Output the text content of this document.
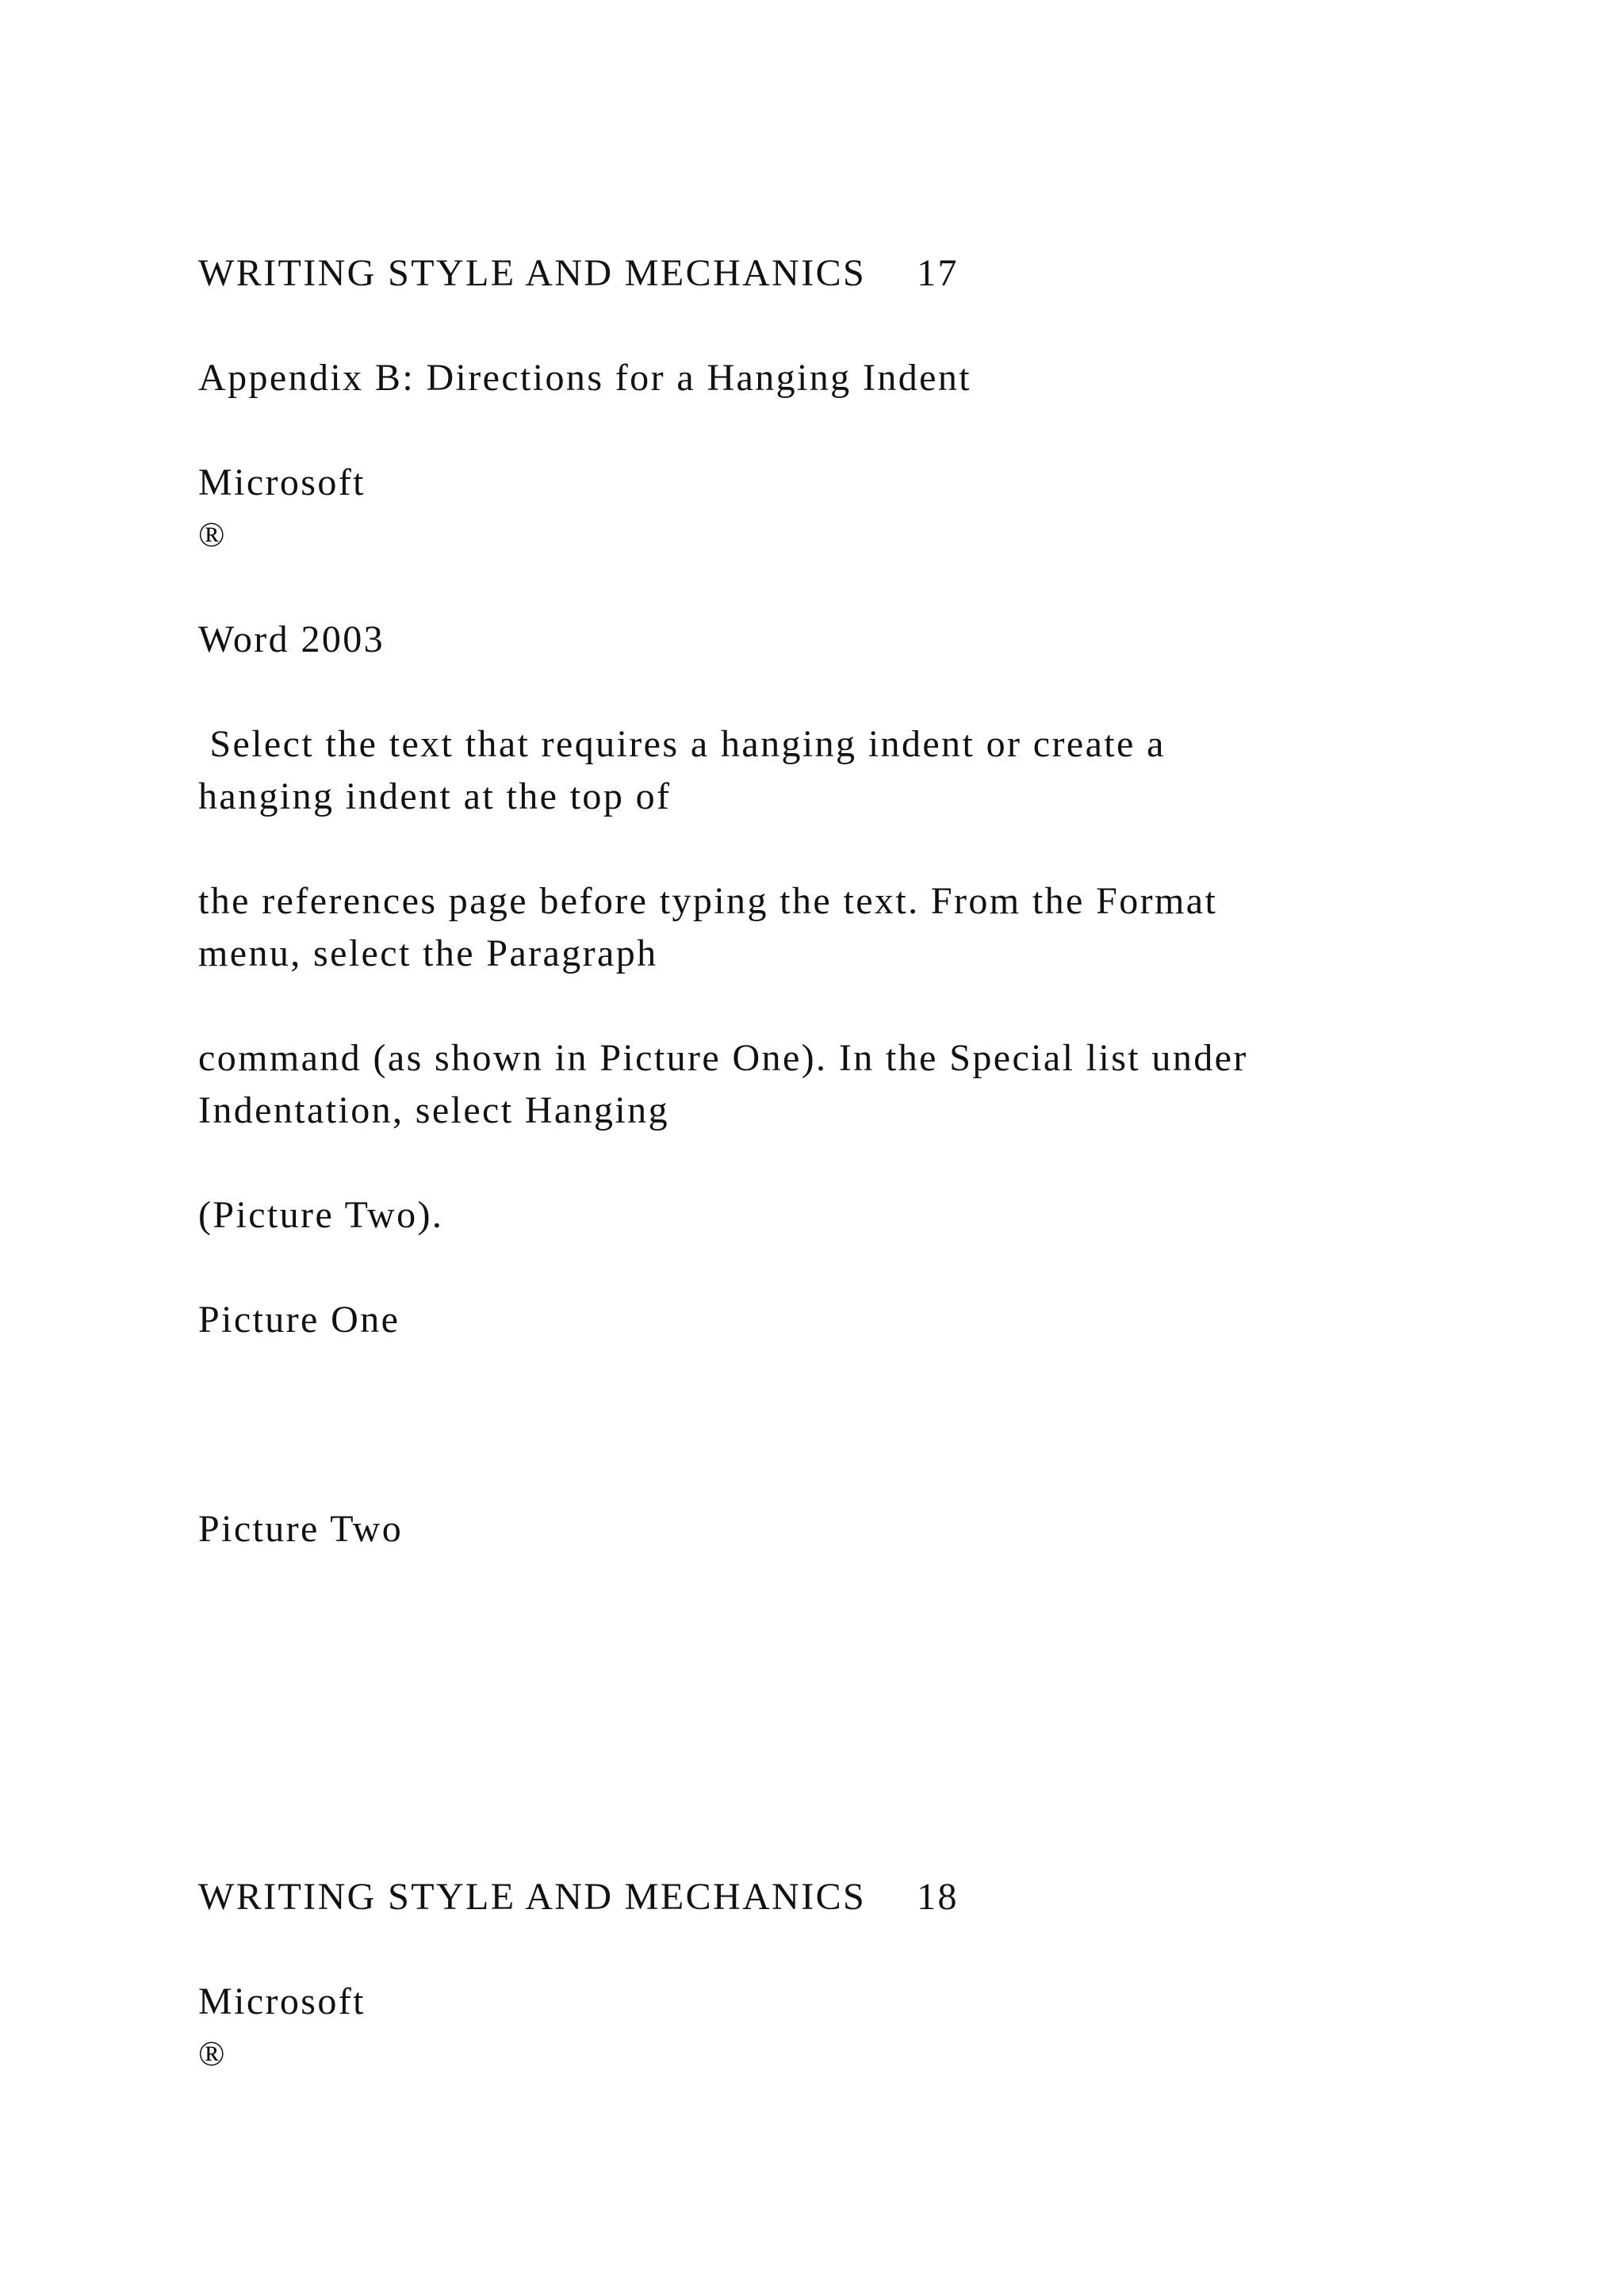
WRITING STYLE AND MECHANICS 17
Appendix B: Directions for a Hanging Indent
Microsoft
®
Word 2003
Select the text that requires a hanging indent or create a
hanging indent at the top of
the references page before typing the text. From the Format
menu, select the Paragraph
command (as shown in Picture One). In the Special list under
Indentation, select Hanging
(Picture Two).
Picture One
Picture Two
WRITING STYLE AND MECHANICS 18
Microsoft
®
